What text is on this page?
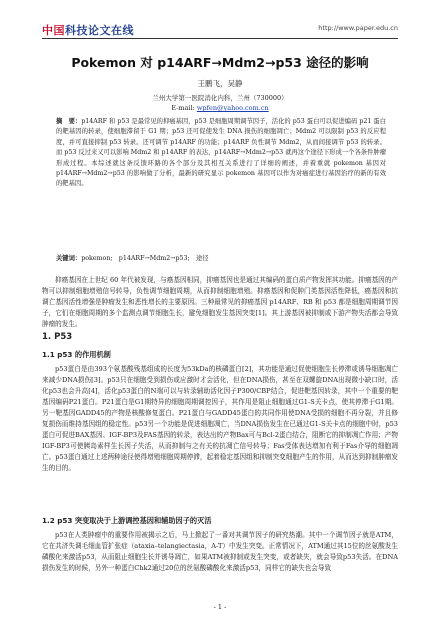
中国科技论文在线	http://www.paper.edu.cn
Pokemon 对 p14ARF→Mdm2→p53 途径的影响
王鹏飞，吴静
兰州大学第一医院消化内科，兰州（730000）
E-mail: wpfen@yahoo.com.cn
摘　要：p14ARF 和 p53 是最常见的抑癌基因，p53 是细胞周期调节因子，活化的 p53 蛋白可以促进编码 p21 蛋白的靶基因的转录，使细胞滞留于 G1 期；p53 还可促使发生 DNA 损伤的细胞凋亡；Mdm2 可以限制 p53 的反应程度，并可直接抑制 p53 转录。还可调节 p14ARF 的功能；p14ARF 负性调节 Mdm2，从而间接调节 p53 的转录。而 p53 反过来又可以影响 Mdm2 和 p14ARF 的表达，p14ARF→Mdm2→p53 就再这个途径下形成一个各条件肿瘤形成过程。本综述就这条反馈环路的各个部分及其相互关系进行了详细的阐述，并着重就 pokemon 基因对 p14ARF→Mdm2→p53 的影响做了分析，最新的研究显示 pokemon 基因可以作为对癌症进行基因治疗的新的有效的靶基因。
关键词：pokemon;　p14ARF→Mdm2→p53;　途径
抑癌基因在上世纪 60 年代被发现，与癌基因相同，抑癌基因也是通过其编码的蛋白质产物发挥其功能。抑癌基因的产物可以抑制细胞增殖信号转导，负性调节细胞周期，从而抑制细胞增殖。抑癌基因和促肿门类基因活性降低，癌基因和抗调亡基因活性增强是肿瘤发生和恶性增长的主要原因。三种最常见的抑癌基因 p14ARF、RB 和 p53 都是细胞周期调节因子，它们在细胞周期的多个监测点调节细胞生长，避免细胞发生基因突变[1]。其上游基因被抑制或下游产物失活都会导致肿瘤的发生。
1. P53
1.1 p53 的作用机制
p53蛋白是由393个氨基酸残基组成的长度为53kDa的核磷蛋白[2]，其功能是通过促使细胞生长停滞或诱导细胞凋亡来减少DNA损伤[3]。p53只在细胞受到损伤或应激时才会活化，但在DNA损伤，甚至在双螺旋DNA出现微小缺口时，活化p53也会升高[4]，活化p53蛋白的N端可以与转录辅助活化因子P300/CBP结合，促进靶基因转录，其中一个重要的靶基因编码P21蛋白。P21蛋白是G1期特异的细胞周期调控因子，其作用是阻止细胞通过G1-S关卡点，使其停滞于G1期。另一靶基因GADD45的产物是核酸修复蛋白。P21蛋白与GADD45蛋白的共同作用使DNA受损的细胞不再分裂，并且修复损伤而维持基因组的稳定性。p53另一个功能是促进细胞凋亡，当DNA损伤发生在已通过G1-S关卡点的细胞中时，p53蛋白可促进BAX基因、IGF-BP3及FAS基因的转录，表达出的产物Bax可与Bcl-2蛋白结合，阻断它的抑制凋亡作用；产物IGF-BP3可使胰岛素样生长因子失活，从而抑制与之有关的抗凋亡信号转导；Fas受体表达增加有利于Fas介导的细胞凋亡。p53蛋白通过上述两种途径使得增殖细胞周期停滞，起着稳定基因组和抑制突变细胞产生的作用，从而达到抑制肿瘤发生的目的。
1.2 p53 突变取决于上游调控基因和辅助因子的灭活
p53在人类肿瘤中的重要作用被揭示之后，马上掀起了一番对其调节因子的研究热潮。其中一个调节因子就是ATM，它在共济失调毛细血管扩张症（ataxia–telangiectasia，A-T）中发生突变。正常情况下，ATM通过其15位的丝氨酸发生磷酸化来激活p53，从而阻止细胞生长并诱导凋亡，如果ATM被抑制或发生突变，或者缺失，就会导致p53失活。在DNA损伤发生的时候，另外一种蛋白Chk2通过20位的丝氨酸磷酸化来激活p53，同样它的缺失也会导致
- 1 -
